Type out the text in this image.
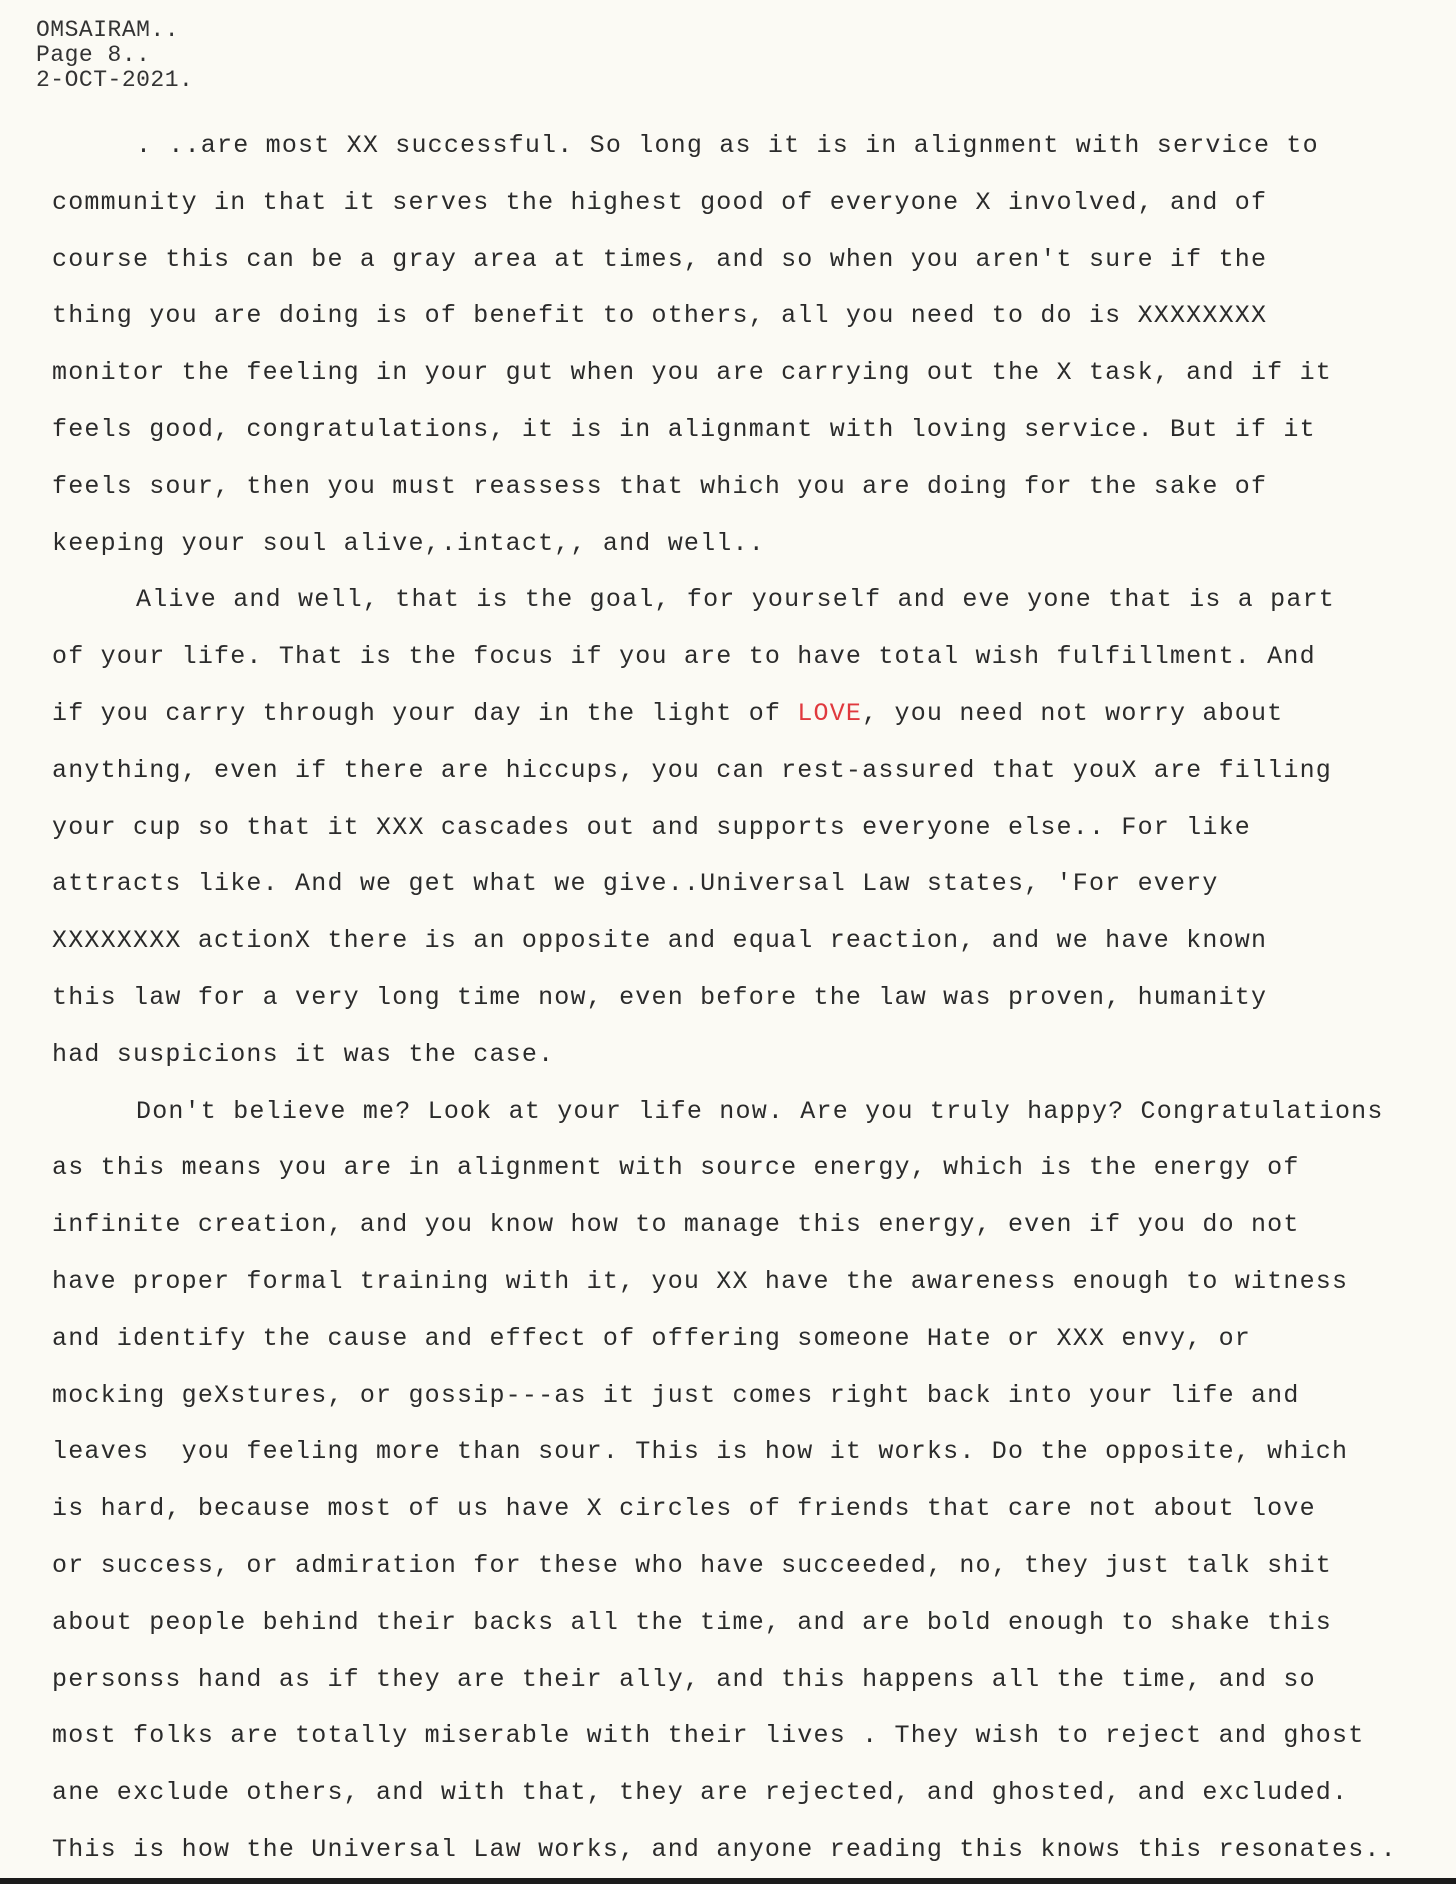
OMSAIRAM..
Page 8..
2-OCT-2021.
. ..are most XX successful. So long as it is in alignment with service to
community in that it serves the highest good of everyone X involved, and of
course this can be a gray area at times, and so when you aren't sure if the
thing you are doing is of benefit to others, all you need to do is XXXXXXXX
monitor the feeling in your gut when you are carrying out the X task, and if it
feels good, congratulations, it is in alignmant with loving service. But if it
feels sour, then you must reassess that which you are doing for the sake of
keeping your soul alive,.intact,, and well..
Alive and well, that is the goal, for yourself and eve yone that is a part
of your life. That is the focus if you are to have total wish fulfillment. And
if you carry through your day in the light of LOVE, you need not worry about
anything, even if there are hiccups, you can rest-assured that youX are filling
your cup so that it XXX cascades out and supports everyone else.. For like
attracts like. And we get what we give..Universal Law states, 'For every
XXXXXXXX actionX there is an opposite and equal reaction, and we have known
this law for a very long time now, even before the law was proven, humanity
had suspicions it was the case.
Don't believe me? Look at your life now. Are you truly happy? Congratulations
as this means you are in alignment with source energy, which is the energy of
infinite creation, and you know how to manage this energy, even if you do not
have proper formal training with it, you XX have the awareness enough to witness
and identify the cause and effect of offering someone Hate or XXX envy, or
mocking geXstures, or gossip---as it just comes right back into your life and
leaves  you feeling more than sour. This is how it works. Do the opposite, which
is hard, because most of us have X circles of friends that care not about love
or success, or admiration for these who have succeeded, no, they just talk shit
about people behind their backs all the time, and are bold enough to shake this
personss hand as if they are their ally, and this happens all the time, and so
most folks are totally miserable with their lives . They wish to reject and ghost
ane exclude others, and with that, they are rejected, and ghosted, and excluded.
This is how the Universal Law works, and anyone reading this knows this resonates..
